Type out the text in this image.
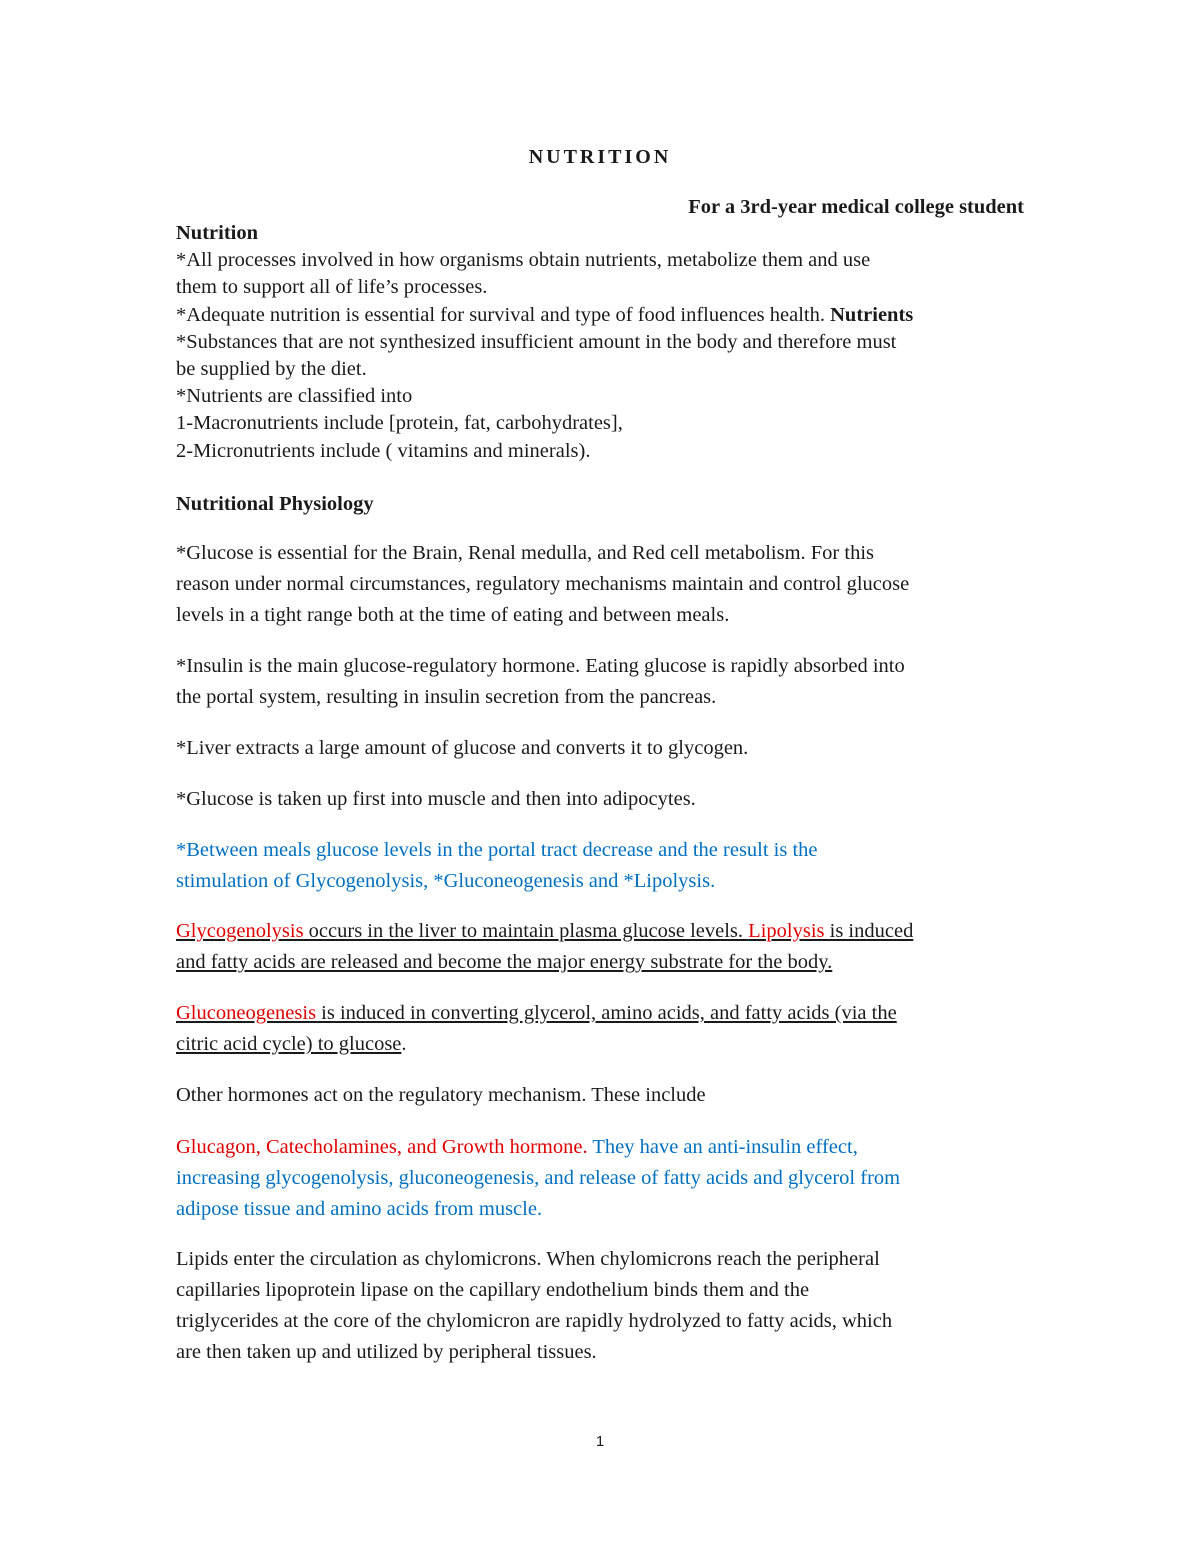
NUTRITION
For a 3rd-year medical college student

Nutrition

*All processes involved in how organisms obtain nutrients, metabolize them and use

them to support all of life’s processes.

*Adequate nutrition is essential for survival and type of food influences health. Nutrients

*Substances that are not synthesized insufficient amount in the body and therefore must

be supplied by the diet.

*Nutrients are classified into

1-Macronutrients include [protein, fat, carbohydrates],

2-Micronutrients include ( vitamins and minerals).

Nutritional Physiology

*Glucose is essential for the Brain, Renal medulla, and Red cell metabolism. For this

reason under normal circumstances, regulatory mechanisms maintain and control glucose

levels in a tight range both at the time of eating and between meals.

*Insulin is the main glucose-regulatory hormone. Eating glucose is rapidly absorbed into

the portal system, resulting in insulin secretion from the pancreas.

*Liver extracts a large amount of glucose and converts it to glycogen.

*Glucose is taken up first into muscle and then into adipocytes.

*Between meals glucose levels in the portal tract decrease and the result is the

stimulation of Glycogenolysis, *Gluconeogenesis and *Lipolysis.

Glycogenolysis occurs in the liver to maintain plasma glucose levels. Lipolysis is induced

and fatty acids are released and become the major energy substrate for the body.

Gluconeogenesis is induced in converting glycerol, amino acids, and fatty acids (via the

citric acid cycle) to glucose.

Other hormones act on the regulatory mechanism. These include

Glucagon, Catecholamines, and Growth hormone. They have an anti-insulin effect,

increasing glycogenolysis, gluconeogenesis, and release of fatty acids and glycerol from

adipose tissue and amino acids from muscle.

Lipids enter the circulation as chylomicrons. When chylomicrons reach the peripheral

capillaries lipoprotein lipase on the capillary endothelium binds them and the

triglycerides at the core of the chylomicron are rapidly hydrolyzed to fatty acids, which

are then taken up and utilized by peripheral tissues.

1
